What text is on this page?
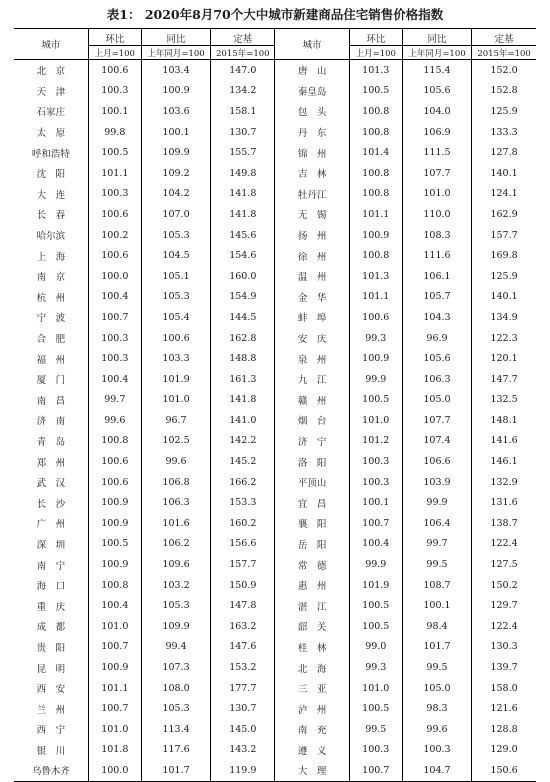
表1： 2020年8月70个大中城市新建商品住宅销售价格指数
城市	环比	同比	定基	城市	环比	同比	定基
	上月=100	上年同月=100	2015年=100		上月=100	上年同月=100	2015年=100
北　京	100.6	103.4	147.0	唐　山	101.3	115.4	152.0
天　津	100.3	100.9	134.2	秦皇岛	100.5	105.6	152.8
石家庄	100.1	103.6	158.1	包　头	100.8	104.0	125.9
太　原	99.8	100.1	130.7	丹　东	100.8	106.9	133.3
呼和浩特	100.5	109.9	155.7	锦　州	101.4	111.5	127.8
沈　阳	101.1	109.2	149.8	吉　林	100.8	107.7	140.1
大　连	100.3	104.2	141.8	牡丹江	100.8	101.0	124.1
长　春	100.6	107.0	141.8	无　锡	101.1	110.0	162.9
哈尔滨	100.2	105.3	145.6	扬　州	100.9	108.3	157.7
上　海	100.6	104.5	154.6	徐　州	100.8	111.6	169.8
南　京	100.0	105.1	160.0	温　州	101.3	106.1	125.9
杭　州	100.4	105.3	154.9	金　华	101.1	105.7	140.1
宁　波	100.7	105.4	144.5	蚌　埠	100.6	104.3	134.9
合　肥	100.3	100.6	162.8	安　庆	99.3	96.9	122.3
福　州	100.3	103.3	148.8	泉　州	100.9	105.6	120.1
厦　门	100.4	101.9	161.3	九　江	99.9	106.3	147.7
南　昌	99.7	101.0	141.8	赣　州	100.5	105.0	132.5
济　南	99.6	96.7	141.0	烟　台	101.0	107.7	148.1
青　岛	100.8	102.5	142.2	济　宁	101.2	107.4	141.6
郑　州	100.6	99.6	145.2	洛　阳	100.3	106.6	146.1
武　汉	100.6	106.8	166.2	平顶山	100.3	103.9	132.9
长　沙	100.9	106.3	153.3	宜　昌	100.1	99.9	131.6
广　州	100.9	101.6	160.2	襄　阳	100.7	106.4	138.7
深　圳	100.5	106.2	156.6	岳　阳	100.4	99.7	122.4
南　宁	100.9	109.6	157.7	常　德	99.9	99.5	127.5
海　口	100.8	103.2	150.9	惠　州	101.9	108.7	150.2
重　庆	100.4	105.3	147.8	湛　江	100.5	100.1	129.7
成　都	101.0	109.9	163.2	韶　关	100.5	98.4	122.4
贵　阳	100.7	99.4	147.6	桂　林	99.0	101.7	130.3
昆　明	100.9	107.3	153.2	北　海	99.3	99.5	139.7
西　安	101.1	108.0	177.7	三　亚	101.0	105.0	158.0
兰　州	100.7	105.3	130.7	泸　州	100.5	98.3	121.6
西　宁	101.0	113.4	145.0	南　充	99.5	99.6	128.8
银　川	101.8	117.6	143.2	遵　义	100.3	100.3	129.0
乌鲁木齐	100.0	101.7	119.9	大　理	100.7	104.7	150.6
